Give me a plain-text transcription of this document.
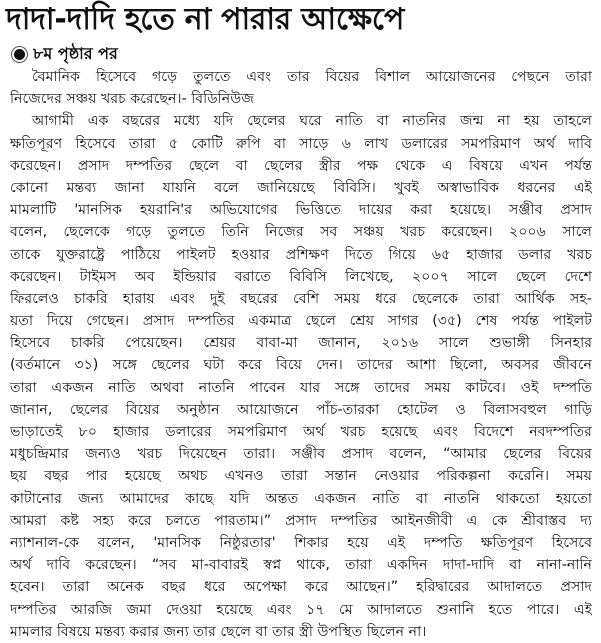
দাদা-দাদি হতে না পারার আক্ষেপে
৮ম পৃষ্ঠার পর
বৈমানিক হিসেবে গড়ে তুলতে এবং তার বিয়ের বিশাল আয়োজনের পেছনে তারা
নিজেদের সঞ্চয় খরচ করেছেন।- বিডিনিউজ
আগামী এক বছরের মধ্যে যদি ছেলের ঘরে নাতি বা নাতনির জন্ম না হয় তাহলে
ক্ষতিপূরণ হিসেবে তারা ৫ কোটি রুপি বা সাড়ে ৬ লাখ ডলারের সমপরিমাণ অর্থ দাবি
করেছেন। প্রসাদ দম্পতির ছেলে বা ছেলের স্ত্রীর পক্ষ থেকে এ বিষয়ে এখন পর্যন্ত
কোনো মন্তব্য জানা যায়নি বলে জানিয়েছে বিবিসি। খুবই অস্বাভাবিক ধরনের এই
মামলাটি 'মানসিক হয়রানি'র অভিযোগের ভিত্তিতে দায়ের করা হয়েছে। সঞ্জীব প্রসাদ
বলেন, ছেলেকে গড়ে তুলতে তিনি নিজের সব সঞ্চয় খরচ করেছেন। ২০০৬ সালে
তাকে যুক্তরাষ্ট্রে পাঠিয়ে পাইলট হওয়ার প্রশিক্ষণ দিতে গিয়ে ৬৫ হাজার ডলার খরচ
করেছেন। টাইমস অব ইন্ডিয়ার বরাতে বিবিসি লিখেছে, ২০০৭ সালে ছেলে দেশে
ফিরলেও চাকরি হারায় এবং দুই বছরের বেশি সময় ধরে ছেলেকে তারা আর্থিক সহ-
য়তা দিয়ে গেছেন। প্রসাদ দম্পতির একমাত্র ছেলে শ্রেয় সাগর (৩৫) শেষ পর্যন্ত পাইলট
হিসেবে চাকরি পেয়েছেন। শ্রেয়র বাবা-মা জানান, ২০১৬ সালে শুভাঙ্গী সিনহার
(বর্তমানে ৩১) সঙ্গে ছেলের ঘটা করে বিয়ে দেন। তাদের আশা ছিলো, অবসর জীবনে
তারা একজন নাতি অথবা নাতনি পাবেন যার সঙ্গে তাদের সময় কাটবে। ওই দম্পতি
জানান, ছেলের বিয়ের অনুষ্ঠান আয়োজনে পাঁচ-তারকা হোটেল ও বিলাসবহুল গাড়ি
ভাড়াতেই ৮০ হাজার ডলারের সমপরিমাণ অর্থ খরচ হয়েছে এবং বিদেশে নবদম্পতির
মধুচন্দ্রিমার জন্যও খরচ দিয়েছেন তারা। সঞ্জীব প্রসাদ বলেন, “আমার ছেলের বিয়ের
ছয় বছর পার হয়েছে অথচ এখনও তারা সন্তান নেওয়ার পরিকল্পনা করেনি। সময়
কাটানোর জন্য আমাদের কাছে যদি অন্তত একজন নাতি বা নাতনি থাকতো হয়তো
আমরা কষ্ট সহ্য করে চলতে পারতাম।” প্রসাদ দম্পতির আইনজীবী এ কে শ্রীবাস্তব দ্য
ন্যাশনাল-কে বলেন, 'মানসিক নিষ্ঠুরতার' শিকার হয়ে এই দম্পতি ক্ষতিপূরণ হিসেবে
অর্থ দাবি করেছেন। “সব মা-বাবারই স্বপ্ন থাকে, তারা একদিন দাদা-দাদি বা নানা-নানি
হবেন। তারা অনেক বছর ধরে অপেক্ষা করে আছেন।” হরিদ্বারের আদালতে প্রসাদ
দম্পতির আরজি জমা দেওয়া হয়েছে এবং ১৭ মে আদালতে শুনানি হতে পারে। এই
মামলার বিষয়ে মন্তব্য করার জন্য তার ছেলে বা তার স্ত্রী উপস্থিত ছিলেন না।
